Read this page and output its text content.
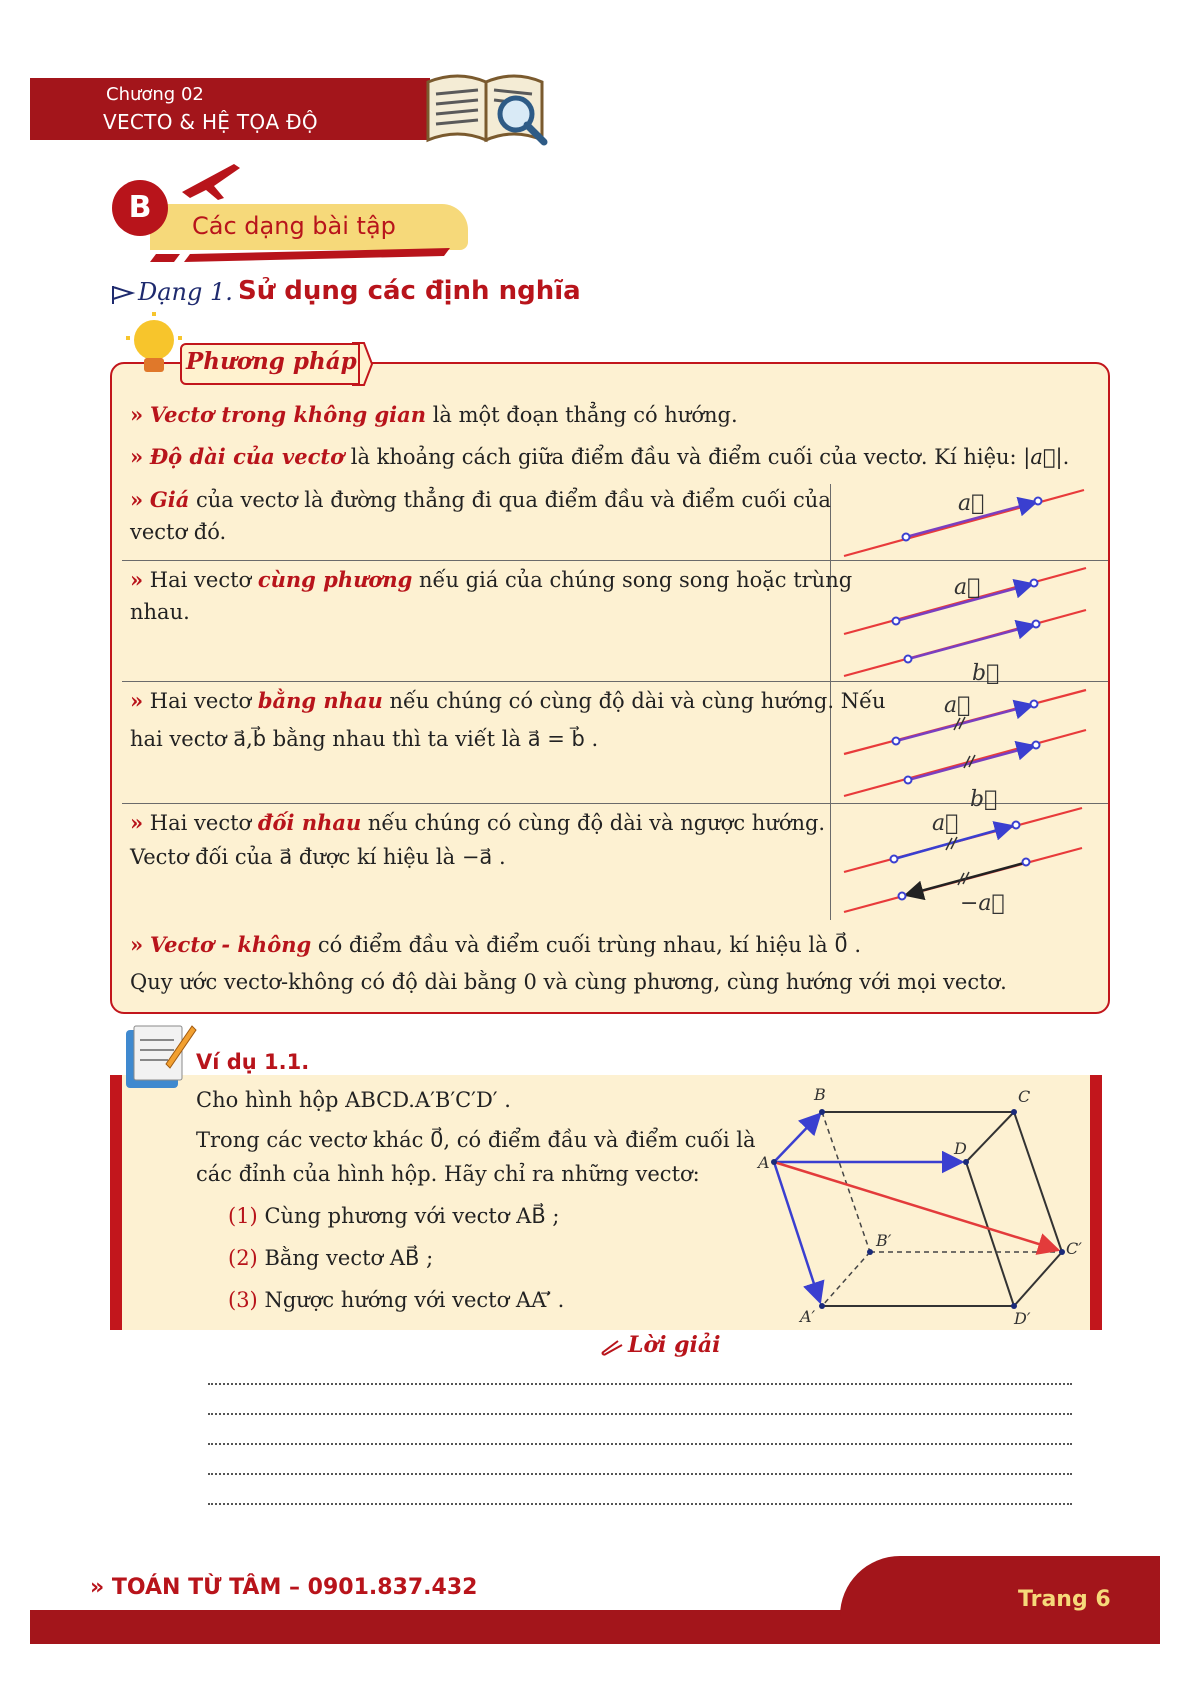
Chương 02
VECTO & HỆ TỌA ĐỘ
B
Các dạng bài tập
Dạng 1. Sử dụng các định nghĩa
Phương pháp
» Vectơ trong không gian là một đoạn thẳng có hướng.
» Độ dài của vectơ là khoảng cách giữa điểm đầu và điểm cuối của vectơ. Kí hiệu: |a⃗|.
» Giá của vectơ là đường thẳng đi qua điểm đầu và điểm cuối của
vectơ đó.
» Hai vectơ cùng phương nếu giá của chúng song song hoặc trùng
nhau.
» Hai vectơ bằng nhau nếu chúng có cùng độ dài và cùng hướng. Nếu
hai vectơ a⃗,b⃗ bằng nhau thì ta viết là a⃗ = b⃗ .
» Hai vectơ đối nhau nếu chúng có cùng độ dài và ngược hướng.
Vectơ đối của a⃗ được kí hiệu là −a⃗ .
a⃗
a⃗
b⃗
a⃗
b⃗
a⃗
−a⃗
» Vectơ - không có điểm đầu và điểm cuối trùng nhau, kí hiệu là 0⃗ .
Quy ước vectơ-không có độ dài bằng 0 và cùng phương, cùng hướng với mọi vectơ.
Ví dụ 1.1.
Cho hình hộp ABCD.A′B′C′D′ .
Trong các vectơ khác 0⃗, có điểm đầu và điểm cuối là
các đỉnh của hình hộp. Hãy chỉ ra những vectơ:
(1) Cùng phương với vectơ AB⃗ ;
(2) Bằng vectơ AB⃗ ;
(3) Ngược hướng với vectơ AA′⃗ .
A
B	C
D
A′
B′	C′
D′
Lời giải
» TOÁN TỪ TÂM – 0901.837.432	Trang 6
